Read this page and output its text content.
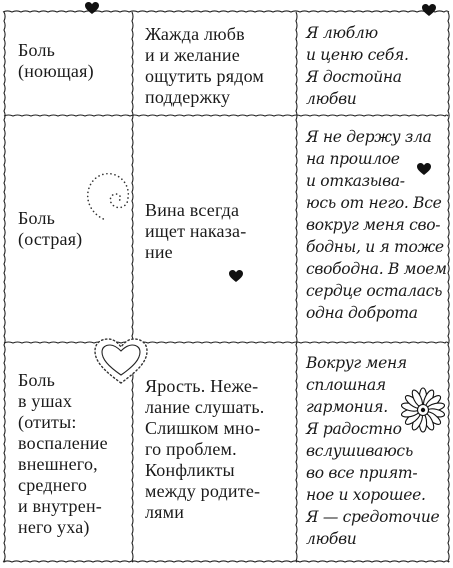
Боль
(ноющая)
Жажда любв
и и желание
ощутить рядом
поддержку
Я люблю
и ценю себя.
Я достойна
любви
Боль
(острая)
Вина всегда
ищет наказа-
ние
Я не держу зла
на прошлое
и отказыва-
юсь от него. Все
вокруг меня сво-
бодны, и я тоже
свободна. В моем
сердце осталась
одна доброта
Боль
в ушах
(отиты:
воспаление
внешнего,
среднего
и внутрен-
него уха)
Ярость. Неже-
лание слушать.
Слишком мно-
го проблем.
Конфликты
между родите-
лями
Вокруг меня
сплошная
гармония.
Я радостно
вслушиваюсь
во все прият-
ное и хорошее.
Я — средоточие
любви
